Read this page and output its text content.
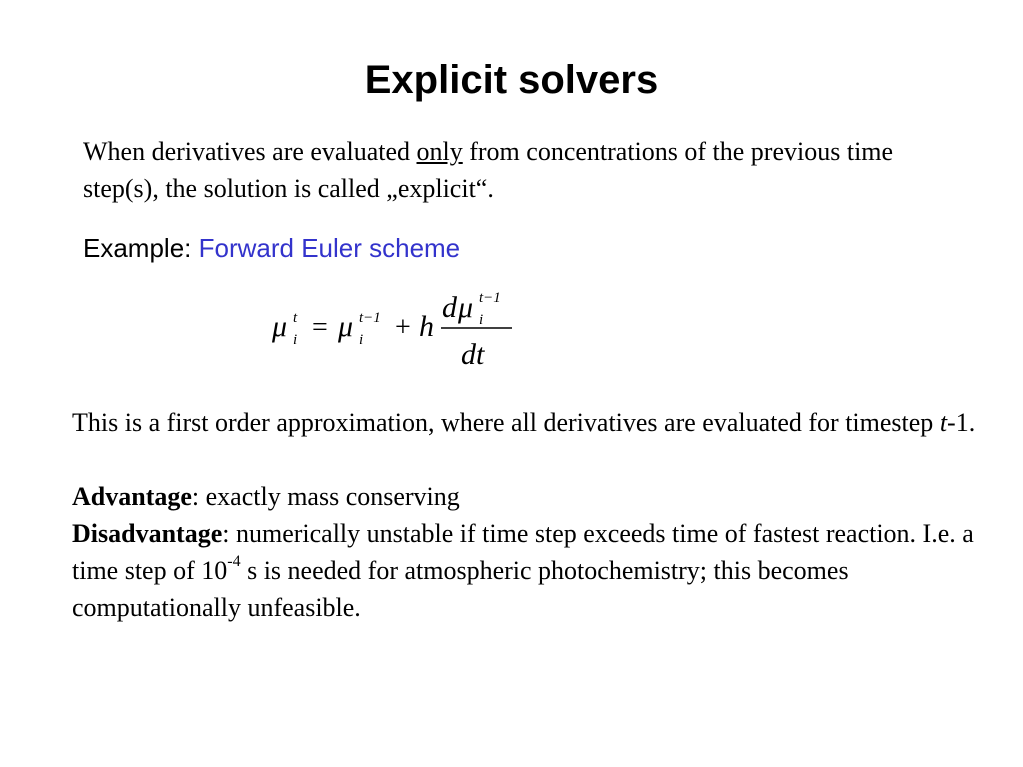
Explicit solvers

When derivatives are evaluated only from concentrations of the previous time step(s), the solution is called „explicit“.

Example: Forward Euler scheme

μ t
i = μ t−1
i + h
d μ t−1
i
dt

This is a first order approximation, where all derivatives are evaluated for timestep t-1.

Advantage: exactly mass conserving

Disadvantage: numerically unstable if time step exceeds time of fastest reaction. I.e. a time step of $10^{-4}$ s is needed for atmospheric photochemistry; this becomes computationally unfeasible.
